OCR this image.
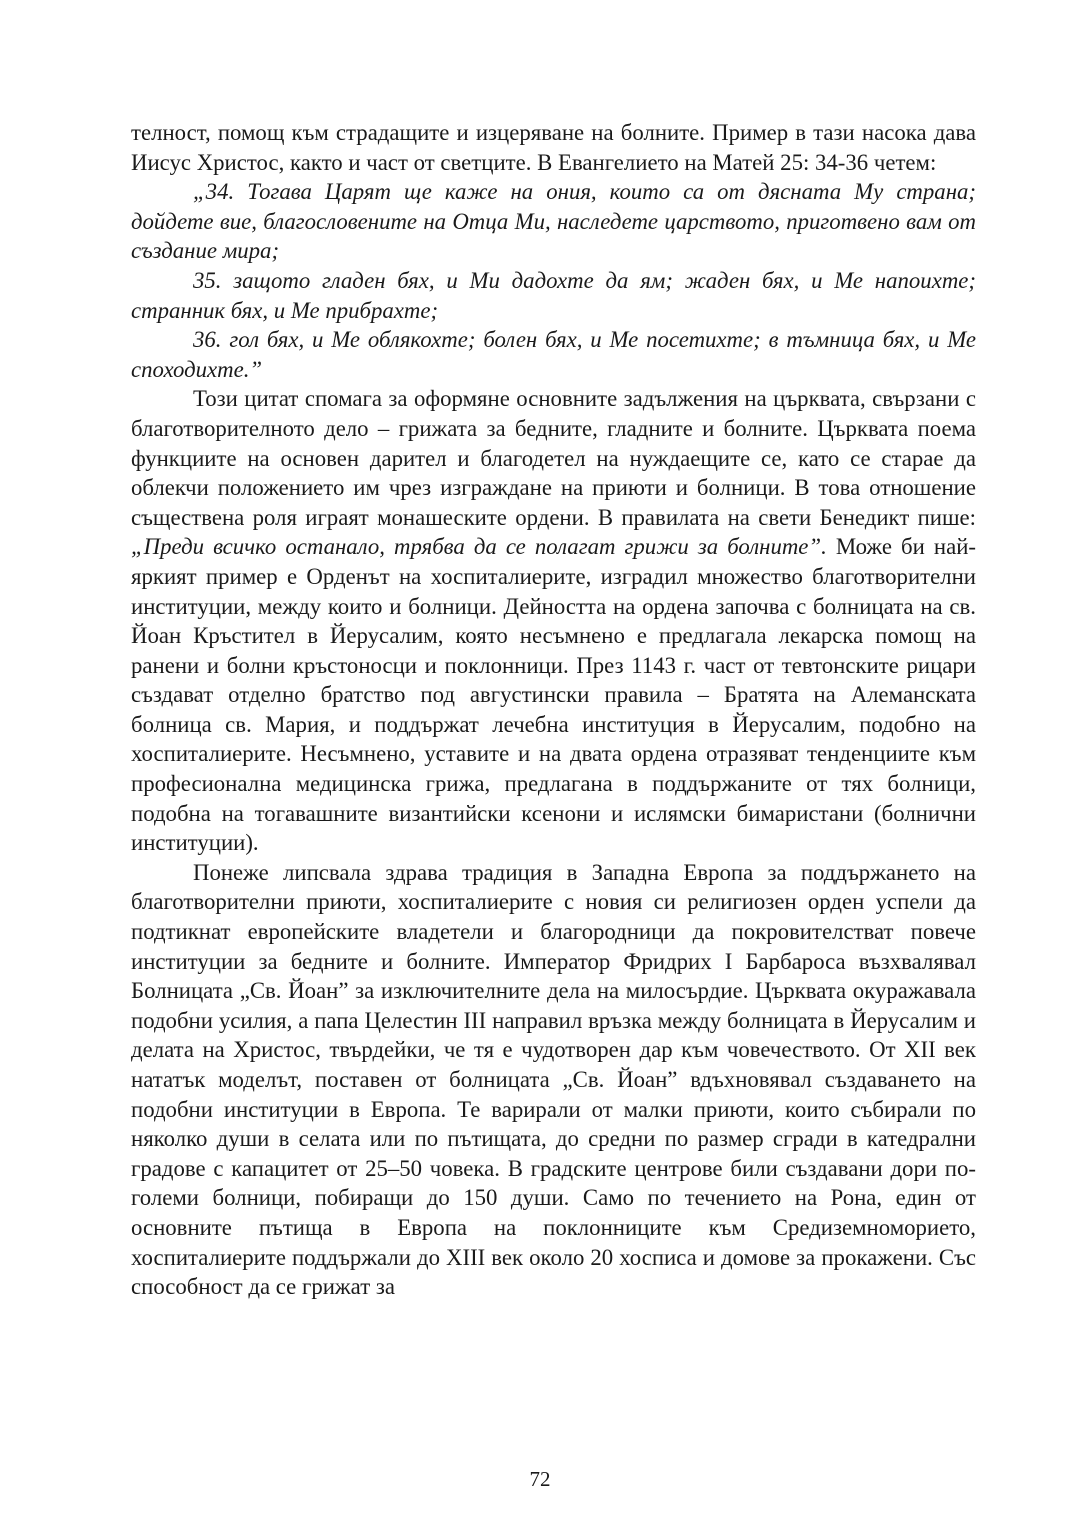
телност, помощ към страдащите и изцеряване на болните. Пример в тази насока дава Иисус Христос, както и част от светците. В Евангелието на Матей 25: 34-36 четем:

„34. Тогава Царят ще каже на ония, които са от дясната Му страна; дойдете вие, благословените на Отца Ми, наследете царството, приготвено вам от създание мира;

35. защото гладен бях, и Ми дадохте да ям; жаден бях, и Ме напоихте; странник бях, и Ме прибрахте;

36. гол бях, и Ме облякохте; болен бях, и Ме посетихте; в тъмница бях, и Ме споходихте.”

Този цитат спомага за оформяне основните задължения на църквата, свързани с благотворителното дело – грижата за бедните, гладните и болните. Църквата поема функциите на основен дарител и благодетел на нуждаещите се, като се старае да облекчи положението им чрез изграждане на приюти и болници. В това отношение съществена роля играят монашеските ордени. В правилата на свети Бенедикт пише: „Преди всичко останало, трябва да се полагат грижи за болните”. Може би най-яркият пример е Орденът на хоспиталиерите, изградил множество благотворителни институции, между които и болници. Дейността на ордена започва с болницата на св. Йоан Кръстител в Йерусалим, която несъмнено е предлагала лекарска помощ на ранени и болни кръстоносци и поклонници. През 1143 г. част от тевтонските рицари създават отделно братство под августински правила – Братята на Алеманската болница св. Мария, и поддържат лечебна институция в Йерусалим, подобно на хоспиталиерите. Несъмнено, уставите и на двата ордена отразяват тенденциите към професионална медицинска грижа, предлагана в поддържаните от тях болници, подобна на тогавашните византийски ксенони и ислямски бимаристани (болнични институции).

Понеже липсвала здрава традиция в Западна Европа за поддържането на благотворителни приюти, хоспиталиерите с новия си религиозен орден успели да подтикнат европейските владетели и благородници да покровителстват повече институции за бедните и болните. Император Фридрих I Барбароса възхвалявал Болницата „Св. Йоан” за изключителните дела на милосърдие. Църквата окуражавала подобни усилия, а папа Целестин III направил връзка между болницата в Йерусалим и делата на Христос, твърдейки, че тя е чудотворен дар към човечеството. От XII век нататък моделът, поставен от болницата „Св. Йоан” вдъхновявал създаването на подобни институции в Европа. Те варирали от малки приюти, които събирали по няколко души в селата или по пътищата, до средни по размер сгради в катедрални градове с капацитет от 25–50 човека. В градските центрове били създавани дори по-големи болници, побиращи до 150 души. Само по течението на Рона, един от основните пътища в Европа на поклонниците към Средиземноморието, хоспиталиерите поддържали до XIII век около 20 хосписа и домове за прокажени. Със способност да се грижат за

72
